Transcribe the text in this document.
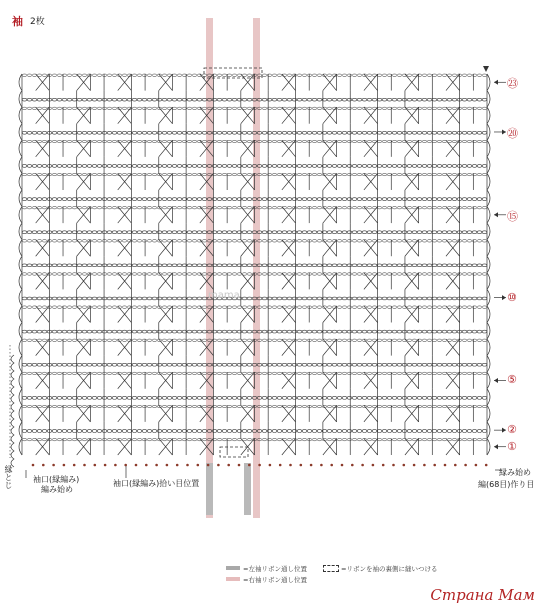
袖 2枚
㉓
⑳
⑮
⑩
⑤
②
①
縁とじ	袖口(縁編み)
編み始め
袖口(縁編み)拾い目位置
縁み始め
編(68目)作り目
mama
=左袖リボン通し位置
=右袖リボン通し位置
=リボンを袖の裏側に縫いつける
Страна Мам
